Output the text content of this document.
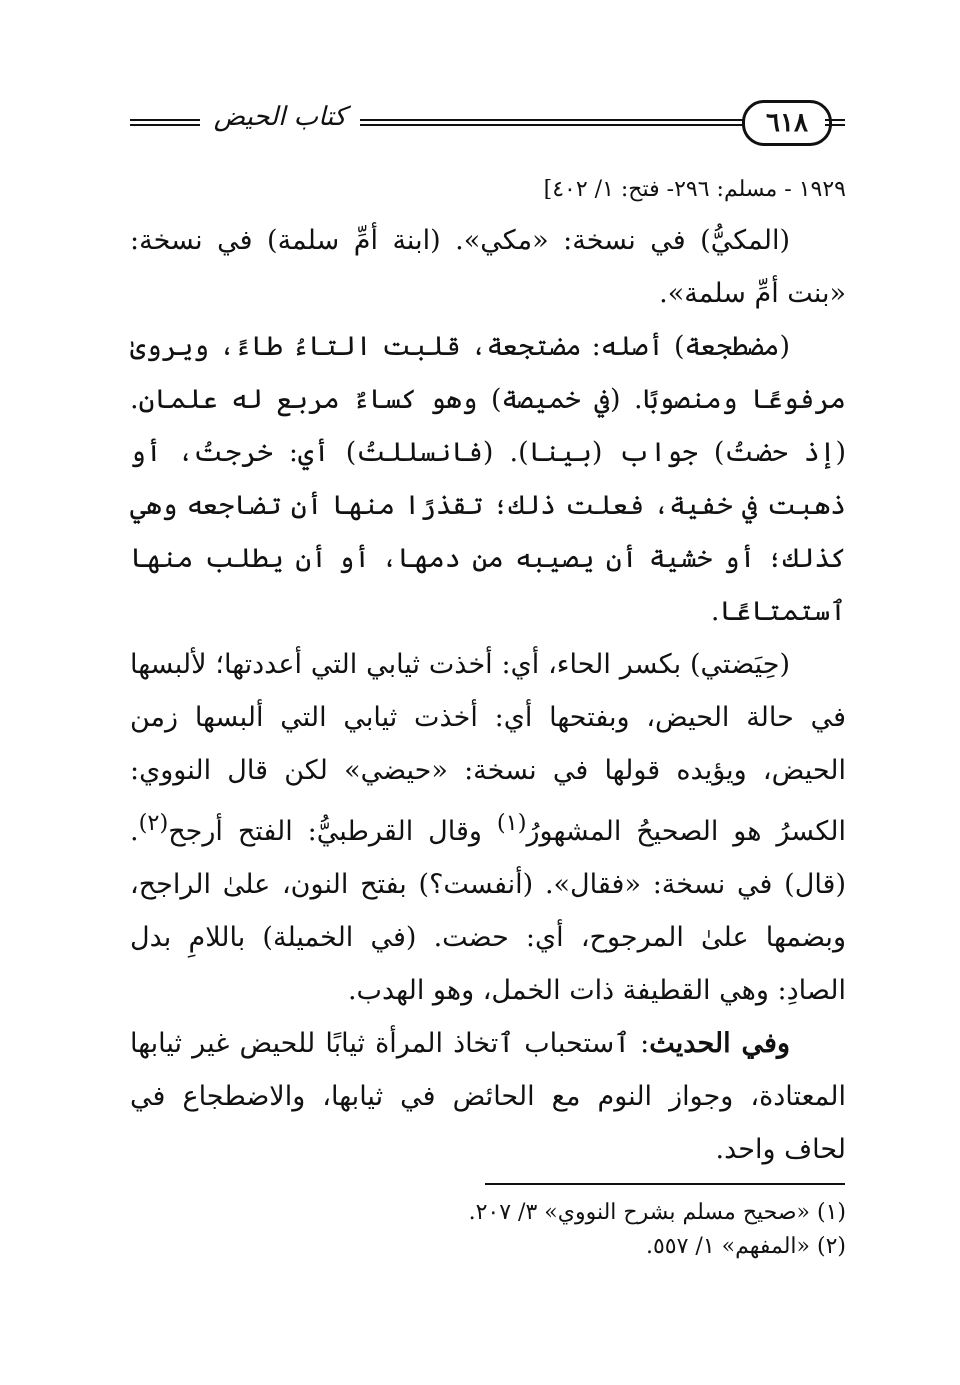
كتاب الحيض	٦١٨

١٩٢٩ - مسلم: ٢٩٦- فتح: ١/ ٤٠٢]

(المكيُّ) في نسخة: «مكي». (ابنة أمِّ سلمة) في نسخة: «بنت أمِّ سلمة».

(مضطجعة) أصله: مضتجعة، قلبت التاءُ طاءً، ويروىٰ مرفوعًا ومنصوبًا. (في خميصة) وهو كساءٌ مربع له علمان. (إذ حضتُ) جواب (بينا). (فانسللتُ) أي: خرجتُ، أو ذهبت في خفية، فعلت ذلك؛ تقذرًا منها أن تضاجعه وهي كذلك؛ أو خشية أن يصيبه من دمها، أو أن يطلب منها ٱستمتاعًا.

(حِيَضتي) بكسر الحاء، أي: أخذت ثيابي التي أعددتها؛ لألبسها في حالة الحيض، وبفتحها أي: أخذت ثيابي التي ألبسها زمن الحيض، ويؤيده قولها في نسخة: «حيضي» لكن قال النووي: الكسرُ هو الصحيحُ المشهورُ$^{(١)}$ وقال القرطبيُّ: الفتح أرجح$^{(٢)}$. (قال) في نسخة: «فقال». (أنفست؟) بفتح النون، علىٰ الراجح، وبضمها علىٰ المرجوح، أي: حضت. (في الخميلة) باللامِ بدل الصادِ: وهي القطيفة ذات الخمل، وهو الهدب.

وفي الحديث: ٱستحباب ٱتخاذ المرأة ثيابًا للحيض غير ثيابها المعتادة، وجواز النوم مع الحائض في ثيابها، والاضطجاع في لحاف واحد.

(١) «صحيح مسلم بشرح النووي» ٣/ ٢٠٧.

(٢) «المفهم» ١/ ٥٥٧.
